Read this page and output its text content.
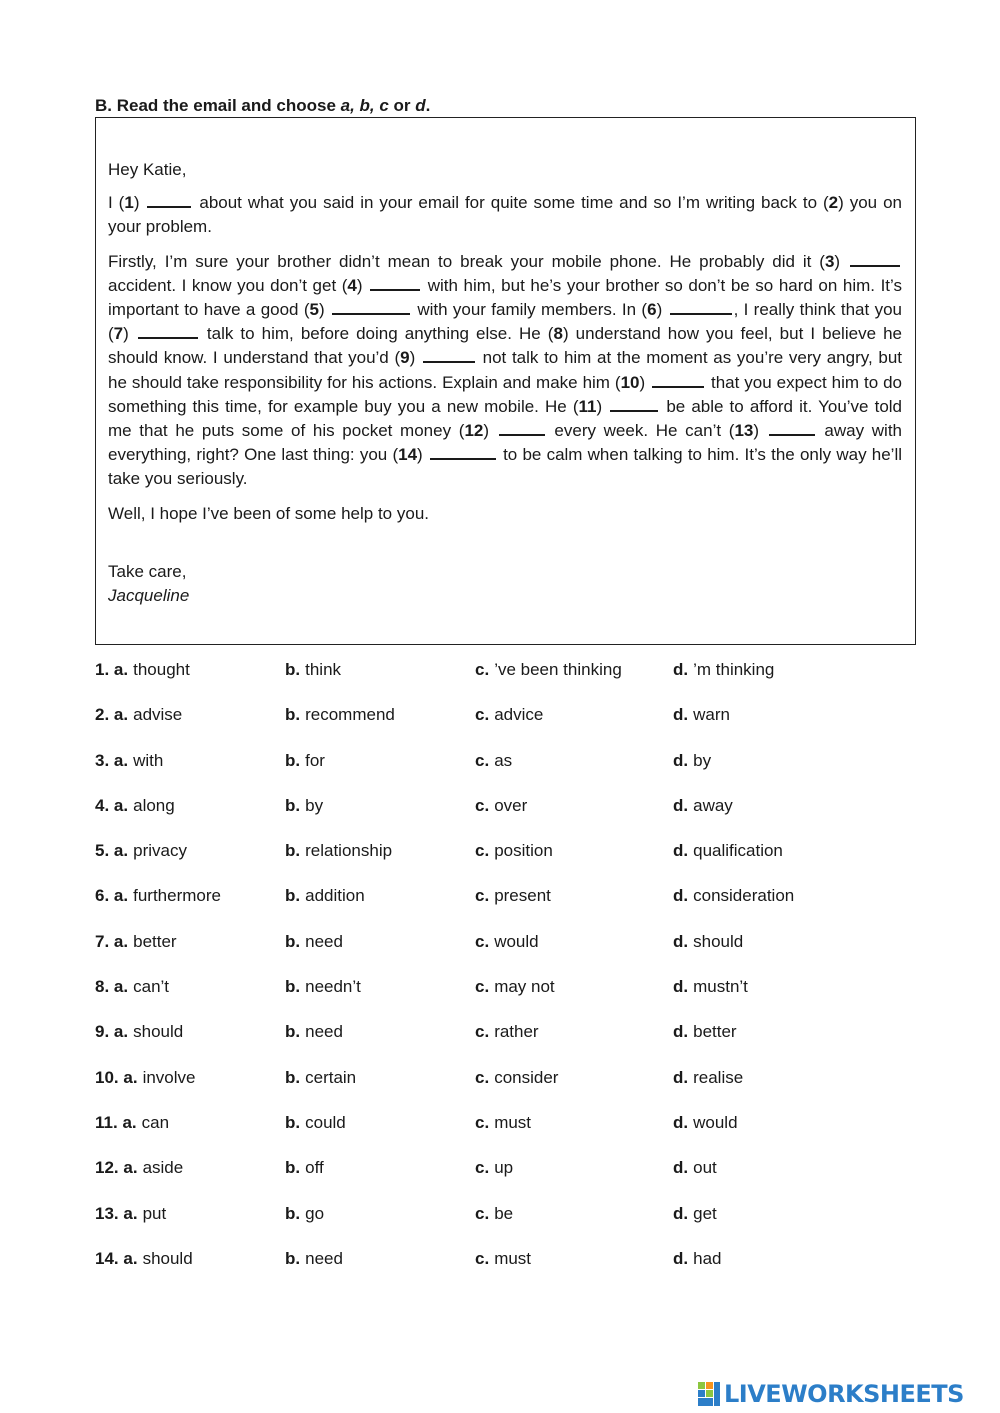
B. Read the email and choose a, b, c or d.

Hey Katie,

I (1)	about what you said in your email for quite some time and so I’m writing back to (2) you on your problem.

Firstly, I’m sure your brother didn’t mean to break your mobile phone. He probably did it (3)  accident. I know you don’t get (4)	with him, but he’s your brother so don’t be so hard on him. It’s important to have a good (5)	with your family members. In (6)	, I really think that you (7)	talk to him, before doing anything else. He (8) understand how you feel, but I believe he should know. I understand that you’d (9)	not talk to him at the moment as you’re very angry, but he should take responsibility for his actions. Explain and make him (10)	that you expect him to do something this time, for example buy you a new mobile. He (11)	be able to afford it. You’ve told me that he puts some of his pocket money (12)	every week. He can’t (13)	away with everything, right? One last thing: you (14)	to be calm when talking to him. It’s the only way he’ll take you seriously.

Well, I hope I’ve been of some help to you.

Take care,

Jacqueline

1. a. thought	b. think	c. ’ve been thinking	d. ’m thinking
2. a. advise	b. recommend	c. advice	d. warn
3. a. with	b. for	c. as	d. by
4. a. along	b. by	c. over	d. away
5. a. privacy	b. relationship	c. position	d. qualification
6. a. furthermore	b. addition	c. present	d. consideration
7. a. better	b. need	c. would	d. should
8. a. can’t	b. needn’t	c. may not	d. mustn’t
9. a. should	b. need	c. rather	d. better
10. a. involve	b. certain	c. consider	d. realise
11. a. can	b. could	c. must	d. would
12. a. aside	b. off	c. up	d. out
13. a. put	b. go	c. be	d. get
14. a. should	b. need	c. must	d. had
LIVEWORKSHEETS
